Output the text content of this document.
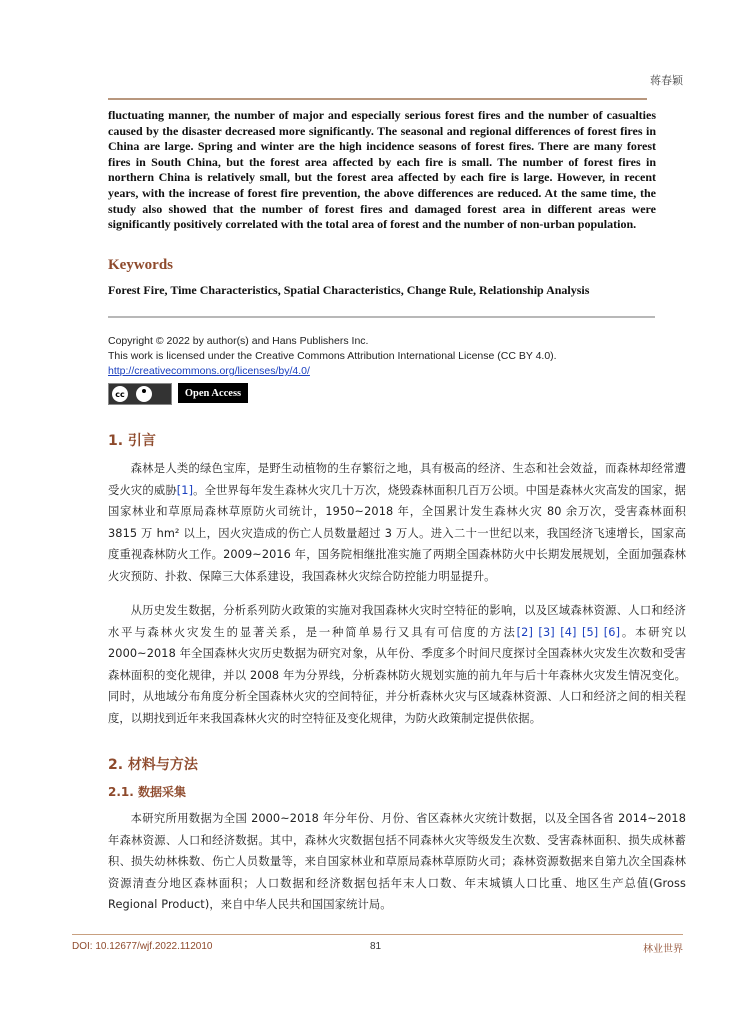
蒋春颖
fluctuating manner, the number of major and especially serious forest fires and the number of casualties caused by the disaster decreased more significantly. The seasonal and regional differences of forest fires in China are large. Spring and winter are the high incidence seasons of forest fires. There are many forest fires in South China, but the forest area affected by each fire is small. The number of forest fires in northern China is relatively small, but the forest area affected by each fire is large. However, in recent years, with the increase of forest fire prevention, the above differences are reduced. At the same time, the study also showed that the number of forest fires and damaged forest area in different areas were significantly positively correlated with the total area of forest and the number of non-urban population.
Keywords
Forest Fire, Time Characteristics, Spatial Characteristics, Change Rule, Relationship Analysis
Copyright © 2022 by author(s) and Hans Publishers Inc.
This work is licensed under the Creative Commons Attribution International License (CC BY 4.0).
http://creativecommons.org/licenses/by/4.0/
cc	Open Access
1. 引言
森林是人类的绿色宝库，是野生动植物的生存繁衍之地，具有极高的经济、生态和社会效益，而森林却经常遭受火灾的威胁[1]。全世界每年发生森林火灾几十万次，烧毁森林面积几百万公顷。中国是森林火灾高发的国家，据国家林业和草原局森林草原防火司统计，1950~2018 年，全国累计发生森林火灾 80 余万次，受害森林面积 3815 万 hm² 以上，因火灾造成的伤亡人员数量超过 3 万人。进入二十一世纪以来，我国经济飞速增长，国家高度重视森林防火工作。2009~2016 年，国务院相继批准实施了两期全国森林防火中长期发展规划，全面加强森林火灾预防、扑救、保障三大体系建设，我国森林火灾综合防控能力明显提升。
从历史发生数据，分析系列防火政策的实施对我国森林火灾时空特征的影响，以及区域森林资源、人口和经济水平与森林火灾发生的显著关系，是一种简单易行又具有可信度的方法[2] [3] [4] [5] [6]。本研究以 2000~2018 年全国森林火灾历史数据为研究对象，从年份、季度多个时间尺度探讨全国森林火灾发生次数和受害森林面积的变化规律，并以 2008 年为分界线，分析森林防火规划实施的前九年与后十年森林火灾发生情况变化。同时，从地域分布角度分析全国森林火灾的空间特征，并分析森林火灾与区域森林资源、人口和经济之间的相关程度，以期找到近年来我国森林火灾的时空特征及变化规律，为防火政策制定提供依据。
2. 材料与方法
2.1. 数据采集
本研究所用数据为全国 2000~2018 年分年份、月份、省区森林火灾统计数据，以及全国各省 2014~2018 年森林资源、人口和经济数据。其中，森林火灾数据包括不同森林火灾等级发生次数、受害森林面积、损失成林蓄积、损失幼林株数、伤亡人员数量等，来自国家林业和草原局森林草原防火司；森林资源数据来自第九次全国森林资源清查分地区森林面积；人口数据和经济数据包括年末人口数、年末城镇人口比重、地区生产总值(Gross Regional Product)，来自中华人民共和国国家统计局。
DOI: 10.12677/wjf.2022.112010	81	林业世界
